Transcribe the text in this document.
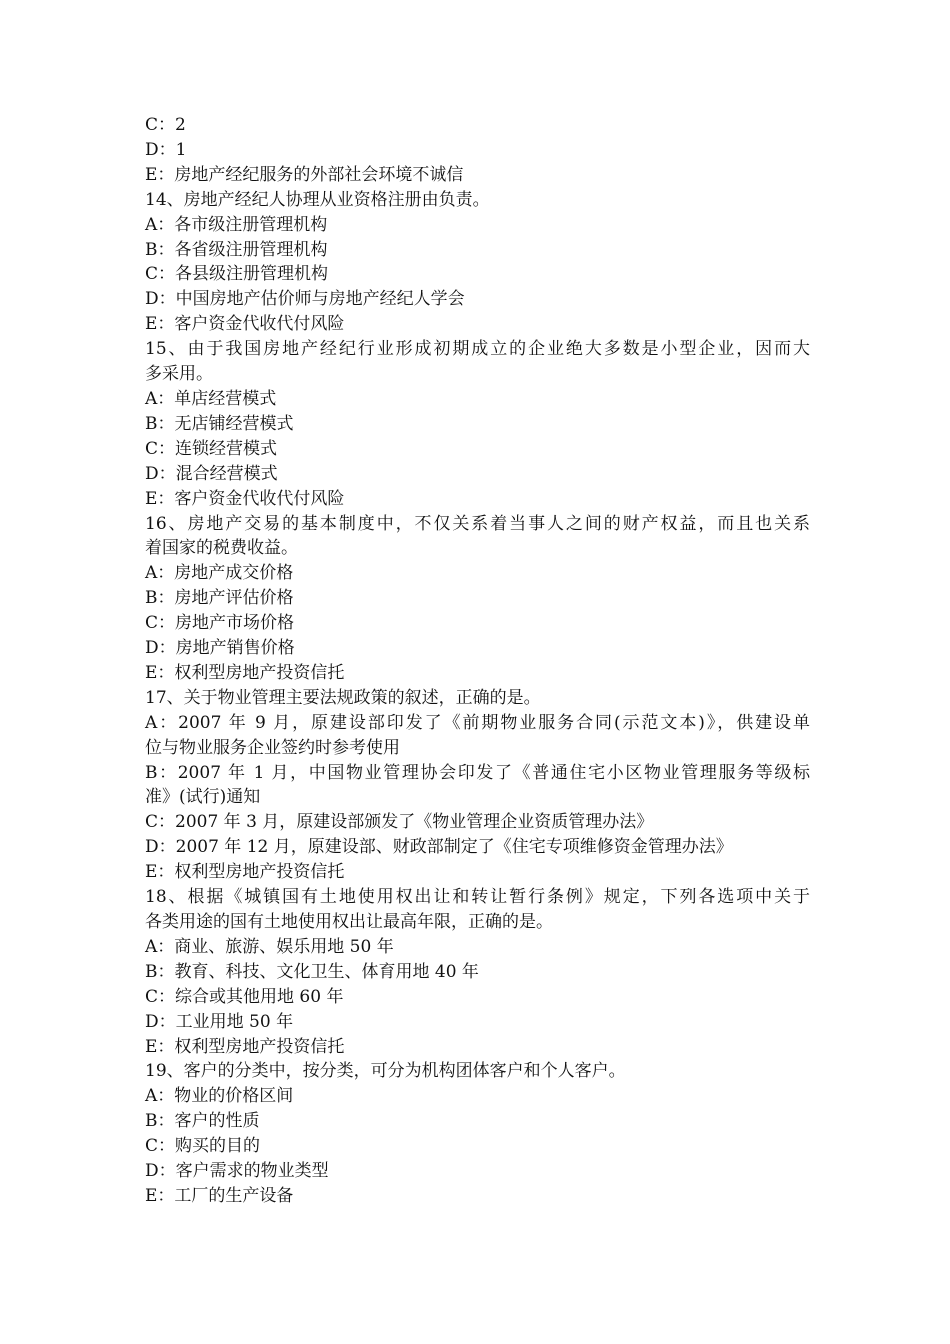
C：2
D：1
E：房地产经纪服务的外部社会环境不诚信
14、房地产经纪人协理从业资格注册由负责。
A：各市级注册管理机构
B：各省级注册管理机构
C：各县级注册管理机构
D：中国房地产估价师与房地产经纪人学会
E：客户资金代收代付风险
15、由于我国房地产经纪行业形成初期成立的企业绝大多数是小型企业，因而大
多采用。
A：单店经营模式
B：无店铺经营模式
C：连锁经营模式
D：混合经营模式
E：客户资金代收代付风险
16、房地产交易的基本制度中，不仅关系着当事人之间的财产权益，而且也关系
着国家的税费收益。
A：房地产成交价格
B：房地产评估价格
C：房地产市场价格
D：房地产销售价格
E：权利型房地产投资信托
17、关于物业管理主要法规政策的叙述，正确的是。
A：2007 年 9 月，原建设部印发了《前期物业服务合同(示范文本)》，供建设单
位与物业服务企业签约时参考使用
B：2007 年 1 月，中国物业管理协会印发了《普通住宅小区物业管理服务等级标
准》(试行)通知
C：2007 年 3 月，原建设部颁发了《物业管理企业资质管理办法》
D：2007 年 12 月，原建设部、财政部制定了《住宅专项维修资金管理办法》
E：权利型房地产投资信托
18、根据《城镇国有土地使用权出让和转让暂行条例》规定，下列各选项中关于
各类用途的国有土地使用权出让最高年限，正确的是。
A：商业、旅游、娱乐用地 50 年
B：教育、科技、文化卫生、体育用地 40 年
C：综合或其他用地 60 年
D：工业用地 50 年
E：权利型房地产投资信托
19、客户的分类中，按分类，可分为机构团体客户和个人客户。
A：物业的价格区间
B：客户的性质
C：购买的目的
D：客户需求的物业类型
E：工厂的生产设备
